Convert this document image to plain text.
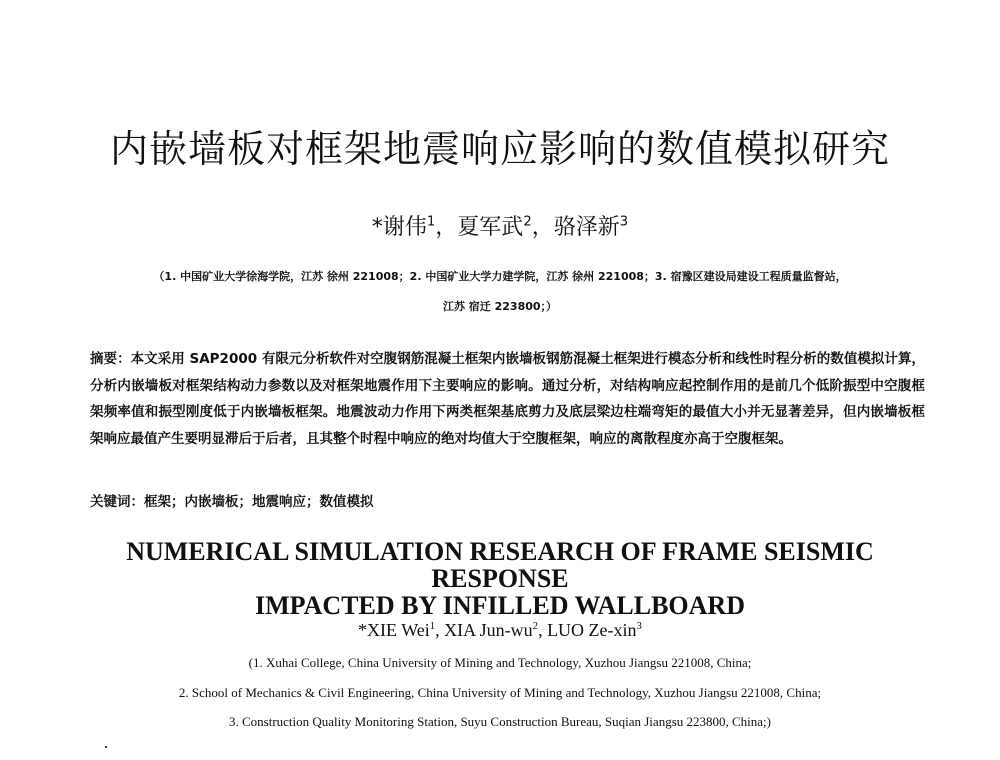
内嵌墙板对框架地震响应影响的数值模拟研究
*谢伟$^1$，夏军武$^2$，骆泽新$^3$
（1. 中国矿业大学徐海学院，江苏 徐州 221008；2. 中国矿业大学力建学院，江苏 徐州 221008；3. 宿豫区建设局建设工程质量监督站，
江苏 宿迁 223800；）

摘要：本文采用 SAP2000 有限元分析软件对空腹钢筋混凝土框架内嵌墙板钢筋混凝土框架进行模态分析和线性时程分析的数值模拟计算，分析内嵌墙板对框架结构动力参数以及对框架地震作用下主要响应的影响。通过分析，对结构响应起控制作用的是前几个低阶振型中空腹框架频率值和振型刚度低于内嵌墙板框架。地震波动力作用下两类框架基底剪力及底层梁边柱端弯矩的最值大小并无显著差异，但内嵌墙板框架响应最值产生要明显滞后于后者，且其整个时程中响应的绝对均值大于空腹框架，响应的离散程度亦高于空腹框架。

关键词：框架；内嵌墙板；地震响应；数值模拟

NUMERICAL SIMULATION RESEARCH OF FRAME SEISMIC RESPONSE
IMPACTED BY INFILLED WALLBOARD
*XIE Wei$^1$, XIA Jun-$wu^2$, LUO Ze-xin$^3$
(1. Xuhai College, China University of Mining and Technology, Xuzhou Jiangsu 221008, China;
2. School of Mechanics & Civil Engineering, China University of Mining and Technology, Xuzhou Jiangsu 221008, China;
3. Construction Quality Monitoring Station, Suyu Construction Bureau, Suqian Jiangsu 223800, China;)
